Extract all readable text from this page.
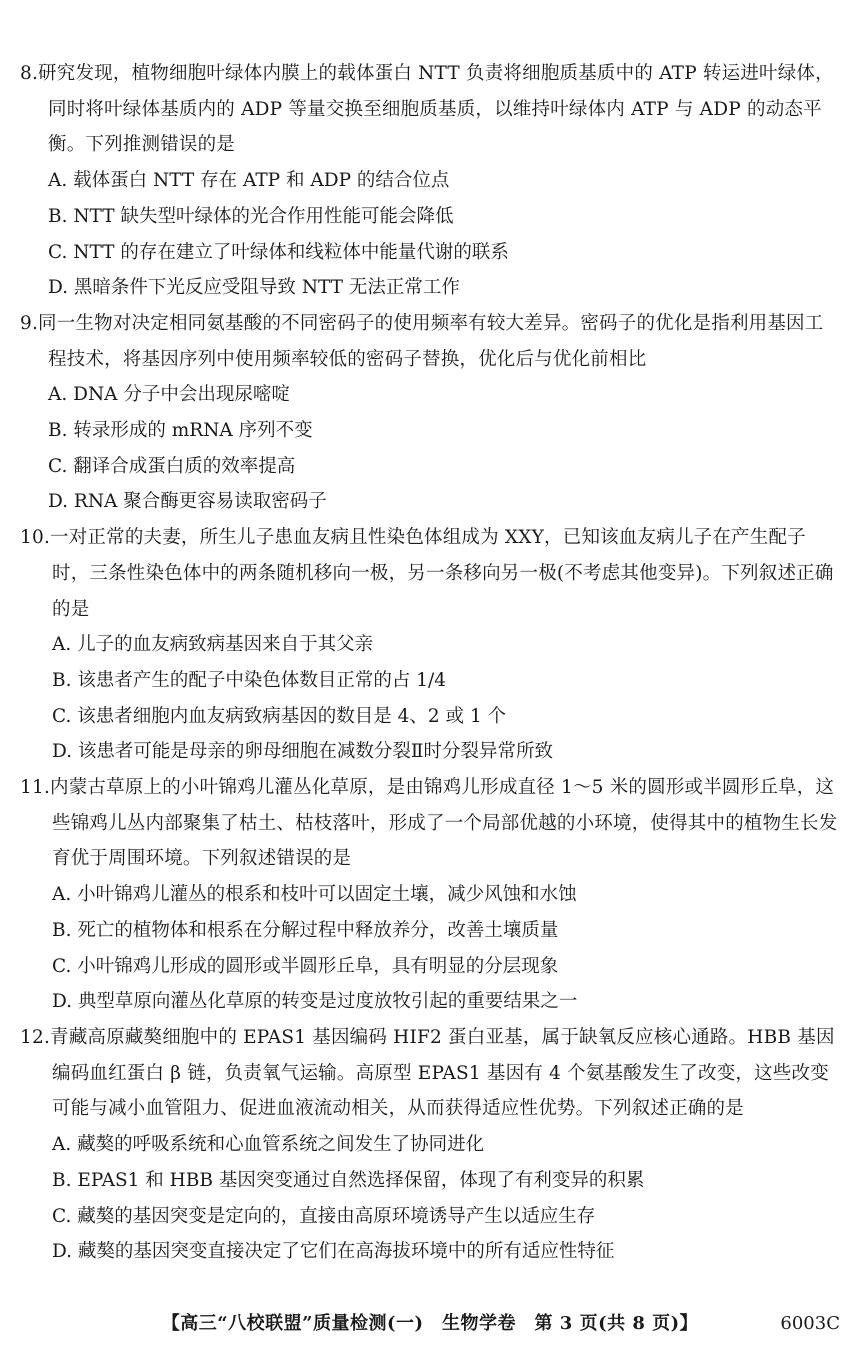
8.研究发现，植物细胞叶绿体内膜上的载体蛋白 NTT 负责将细胞质基质中的 ATP 转运进叶绿体，同时将叶绿体基质内的 ADP 等量交换至细胞质基质，以维持叶绿体内 ATP 与 ADP 的动态平衡。下列推测错误的是

A. 载体蛋白 NTT 存在 ATP 和 ADP 的结合位点

B. NTT 缺失型叶绿体的光合作用性能可能会降低

C. NTT 的存在建立了叶绿体和线粒体中能量代谢的联系

D. 黑暗条件下光反应受阻导致 NTT 无法正常工作

9.同一生物对决定相同氨基酸的不同密码子的使用频率有较大差异。密码子的优化是指利用基因工程技术，将基因序列中使用频率较低的密码子替换，优化后与优化前相比

A. DNA 分子中会出现尿嘧啶

B. 转录形成的 mRNA 序列不变

C. 翻译合成蛋白质的效率提高

D. RNA 聚合酶更容易读取密码子

10.一对正常的夫妻，所生儿子患血友病且性染色体组成为 XXY，已知该血友病儿子在产生配子时，三条性染色体中的两条随机移向一极，另一条移向另一极(不考虑其他变异)。下列叙述正确的是

A. 儿子的血友病致病基因来自于其父亲

B. 该患者产生的配子中染色体数目正常的占 1/4

C. 该患者细胞内血友病致病基因的数目是 4、2 或 1 个

D. 该患者可能是母亲的卵母细胞在减数分裂Ⅱ时分裂异常所致

11.内蒙古草原上的小叶锦鸡儿灌丛化草原，是由锦鸡儿形成直径 1～5 米的圆形或半圆形丘阜，这些锦鸡儿丛内部聚集了枯土、枯枝落叶，形成了一个局部优越的小环境，使得其中的植物生长发育优于周围环境。下列叙述错误的是

A. 小叶锦鸡儿灌丛的根系和枝叶可以固定土壤，减少风蚀和水蚀

B. 死亡的植物体和根系在分解过程中释放养分，改善土壤质量

C. 小叶锦鸡儿形成的圆形或半圆形丘阜，具有明显的分层现象

D. 典型草原向灌丛化草原的转变是过度放牧引起的重要结果之一

12.青藏高原藏獒细胞中的 EPAS1 基因编码 HIF2 蛋白亚基，属于缺氧反应核心通路。HBB 基因编码血红蛋白 β 链，负责氧气运输。高原型 EPAS1 基因有 4 个氨基酸发生了改变，这些改变可能与减小血管阻力、促进血液流动相关，从而获得适应性优势。下列叙述正确的是

A. 藏獒的呼吸系统和心血管系统之间发生了协同进化

B. EPAS1 和 HBB 基因突变通过自然选择保留，体现了有利变异的积累

C. 藏獒的基因突变是定向的，直接由高原环境诱导产生以适应生存

D. 藏獒的基因突变直接决定了它们在高海拔环境中的所有适应性特征

【高三“八校联盟”质量检测(一)　生物学卷　第 3 页(共 8 页)】	6003C
